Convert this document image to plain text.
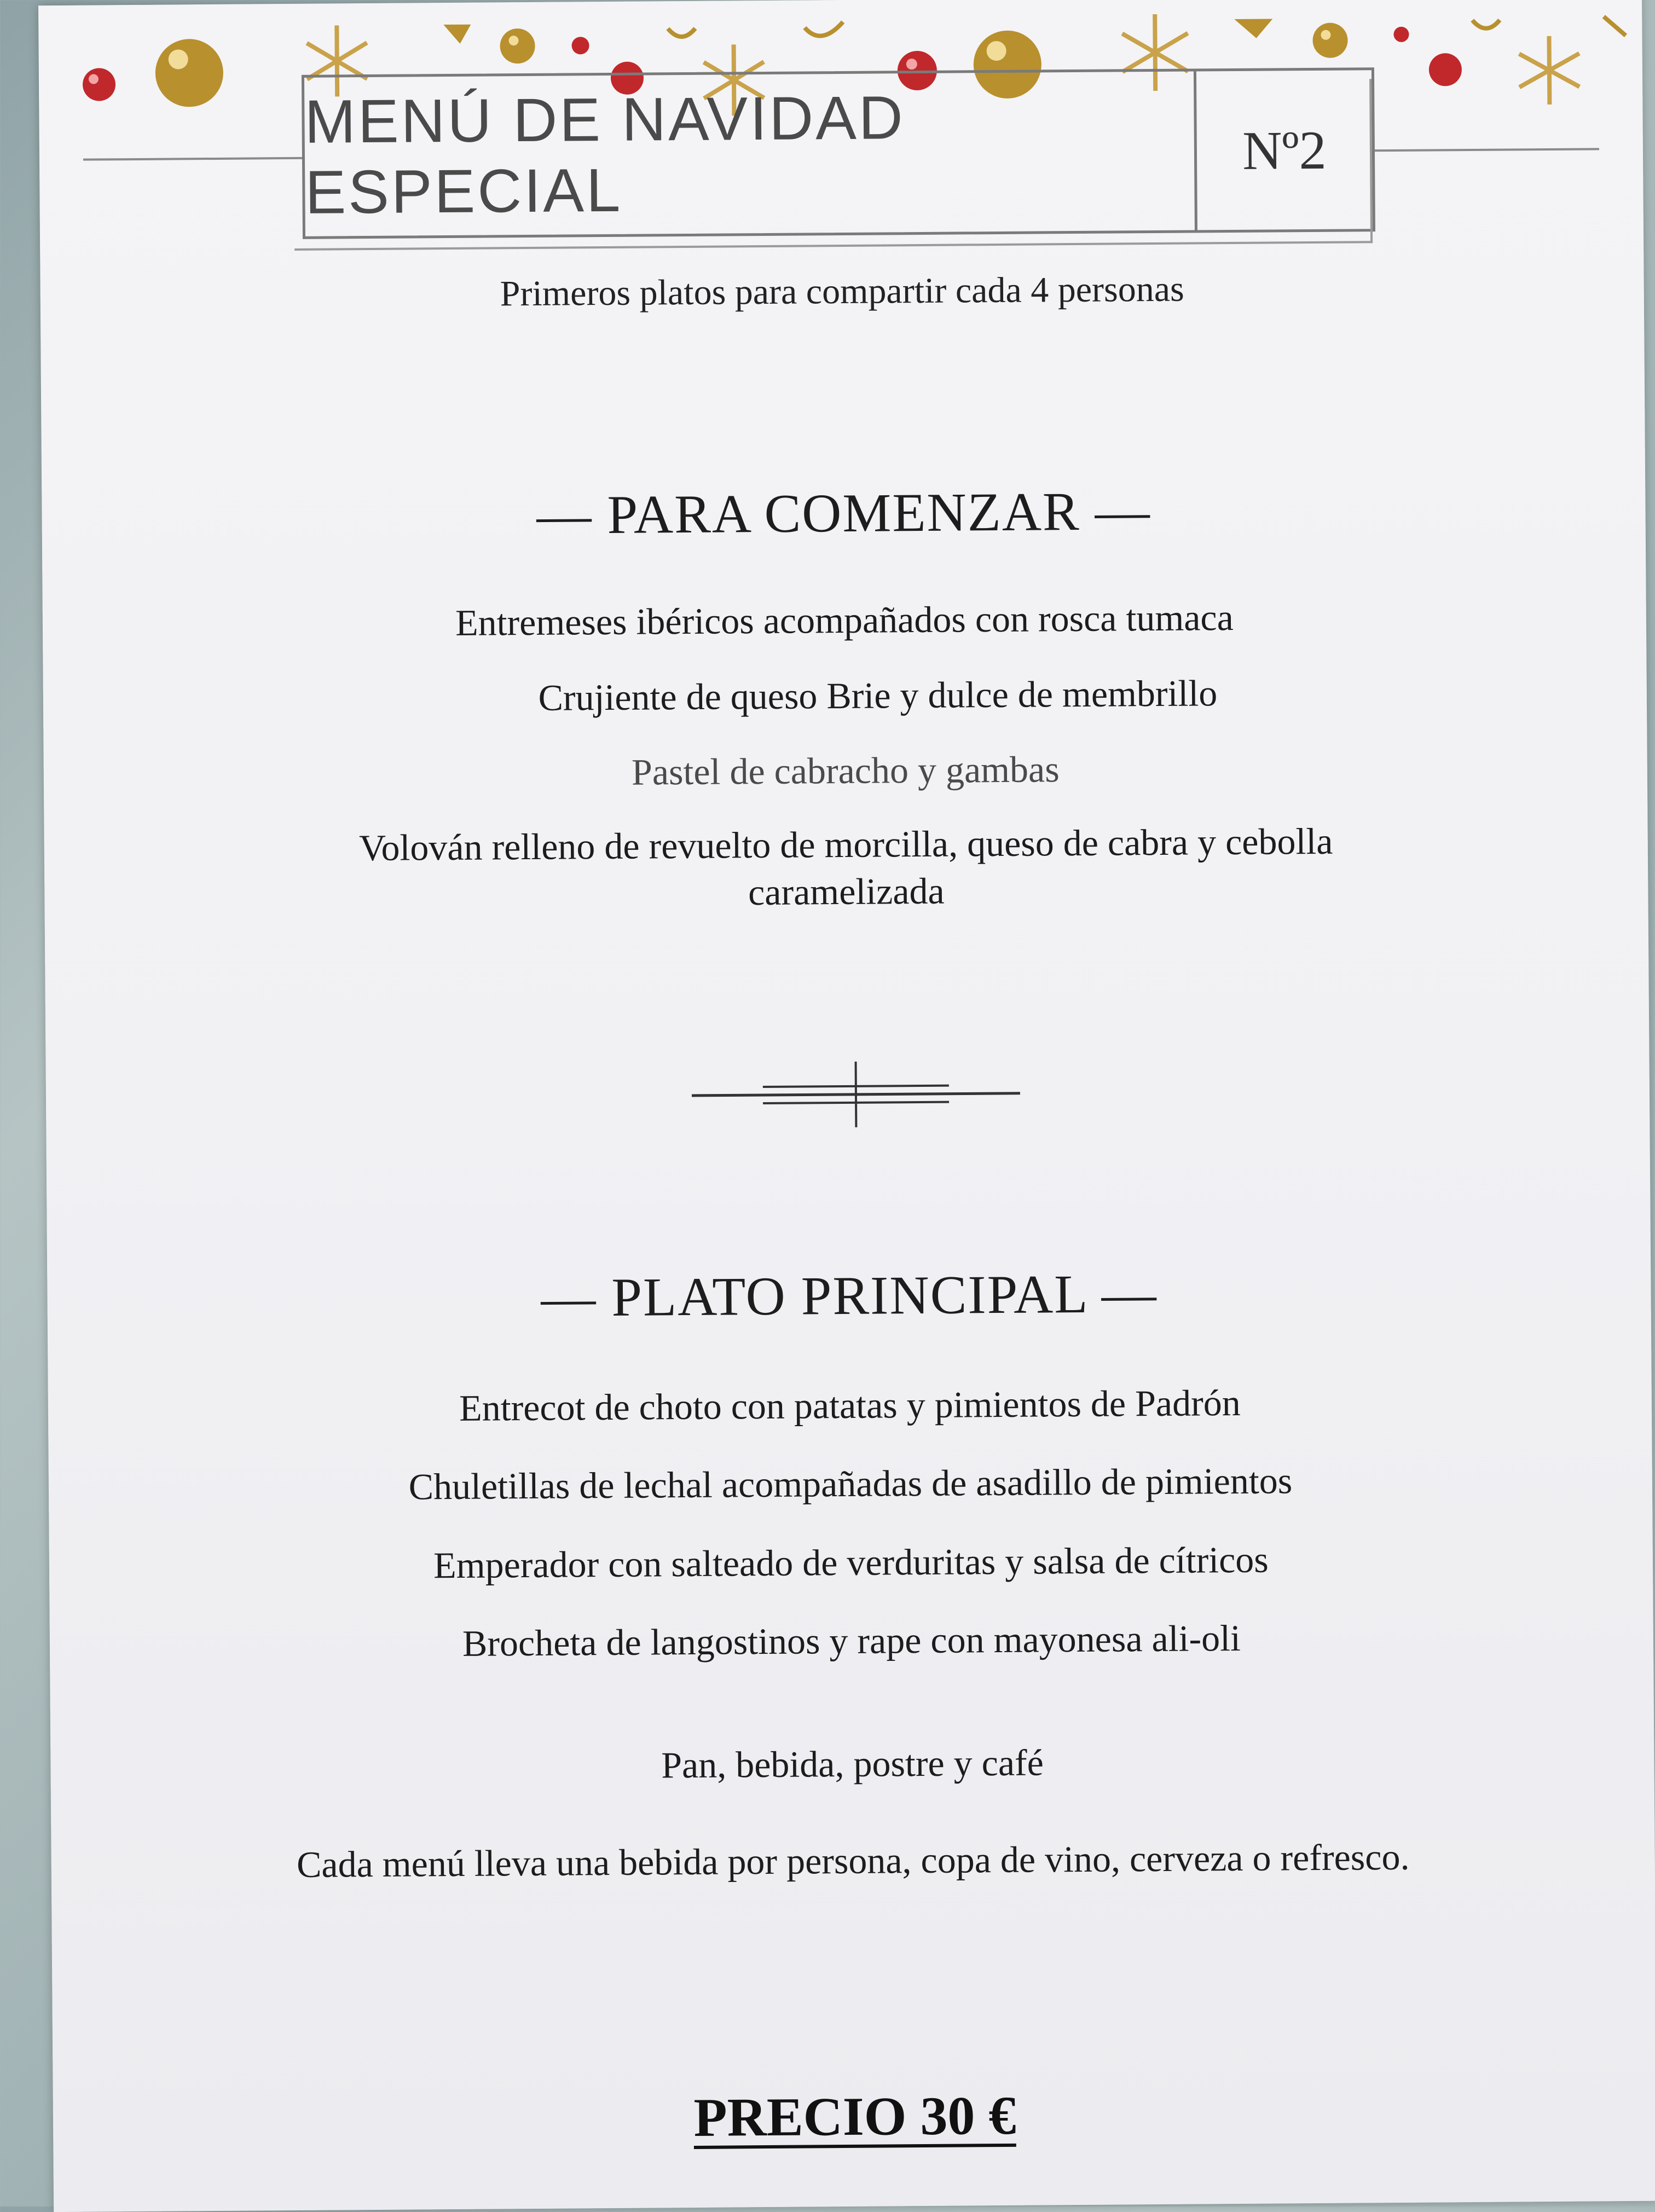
MENÚ DE NAVIDAD ESPECIAL
Nº2
Primeros platos para compartir cada 4 personas
— PARA COMENZAR —
Entremeses ibéricos acompañados con rosca tumaca
Crujiente de queso Brie y dulce de membrillo
Pastel de cabracho y gambas
Volován relleno de revuelto de morcilla, queso de cabra y cebolla
caramelizada
— PLATO PRINCIPAL —
Entrecot de choto con patatas y pimientos de Padrón
Chuletillas de lechal acompañadas de asadillo de pimientos
Emperador con salteado de verduritas y salsa de cítricos
Brocheta de langostinos y rape con mayonesa ali-oli
Pan, bebida, postre y café
Cada menú lleva una bebida por persona, copa de vino, cerveza o refresco.
PRECIO 30 €
